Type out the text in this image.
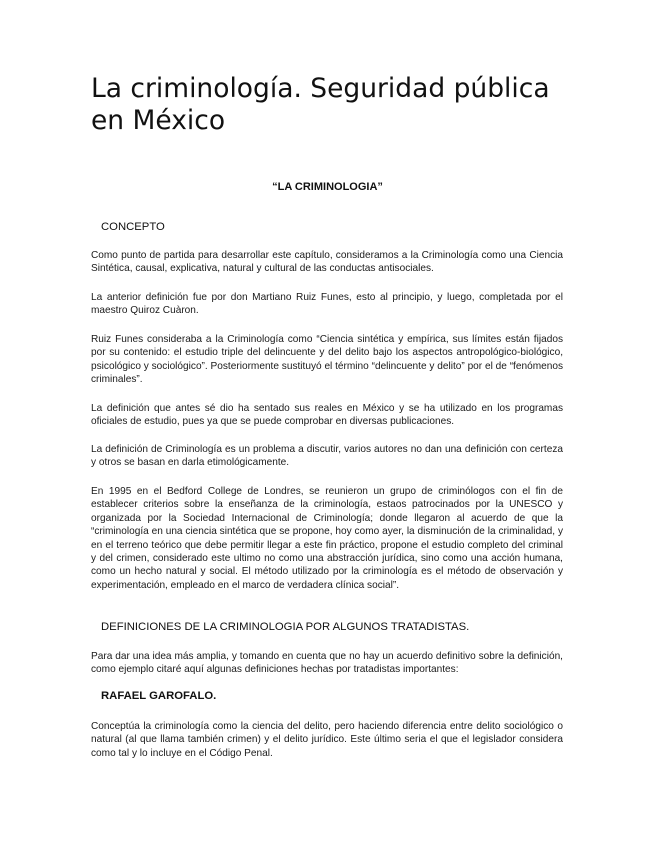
La criminología. Seguridad pública en México
“LA CRIMINOLOGIA”
CONCEPTO

Como punto de partida para desarrollar este capítulo, consideramos a la Criminología como una Ciencia Sintética, causal, explicativa, natural y cultural de las conductas antisociales.

La anterior definición fue por don Martiano Ruiz Funes, esto al principio, y luego, completada por el maestro Quiroz Cuàron.

Ruiz Funes consideraba a la Criminología como “Ciencia sintética y empírica, sus límites están fijados por su contenido: el estudio triple del delincuente y del delito bajo los aspectos antropológico-biológico, psicológico y sociológico”. Posteriormente sustituyó el término “delincuente y delito” por el de “fenómenos criminales”.

La definición que antes sé dio ha sentado sus reales en México y se ha utilizado en los programas oficiales de estudio, pues ya que se puede comprobar en diversas publicaciones.

La definición de Criminología es un problema a discutir, varios autores no dan una definición con certeza y otros se basan en darla etimológicamente.

En 1995 en el Bedford College de Londres, se reunieron un grupo de criminólogos con el fin de establecer criterios sobre la enseñanza de la criminología, estaos patrocinados por la UNESCO y organizada por la Sociedad Internacional de Criminología; donde llegaron al acuerdo de que la “criminología en una ciencia sintética que se propone, hoy como ayer, la disminución de la criminalidad, y en el terreno teórico que debe permitir llegar a este fin práctico, propone el estudio completo del criminal y del crimen, considerado este ultimo no como una abstracción jurídica, sino como una acción humana, como un hecho natural y social. El método utilizado por la criminología es el método de observación y experimentación, empleado en el marco de verdadera clínica social”.

DEFINICIONES DE LA CRIMINOLOGIA POR ALGUNOS TRATADISTAS.

Para dar una idea más amplia, y tomando en cuenta que no hay un acuerdo definitivo sobre la definición, como ejemplo citaré aquí algunas definiciones hechas por tratadistas importantes:

RAFAEL GAROFALO.

Conceptúa la criminología como la ciencia del delito, pero haciendo diferencia entre delito sociológico o natural (al que llama también crimen) y el delito jurídico. Este último seria el que el legislador considera como tal y lo incluye en el Código Penal.
